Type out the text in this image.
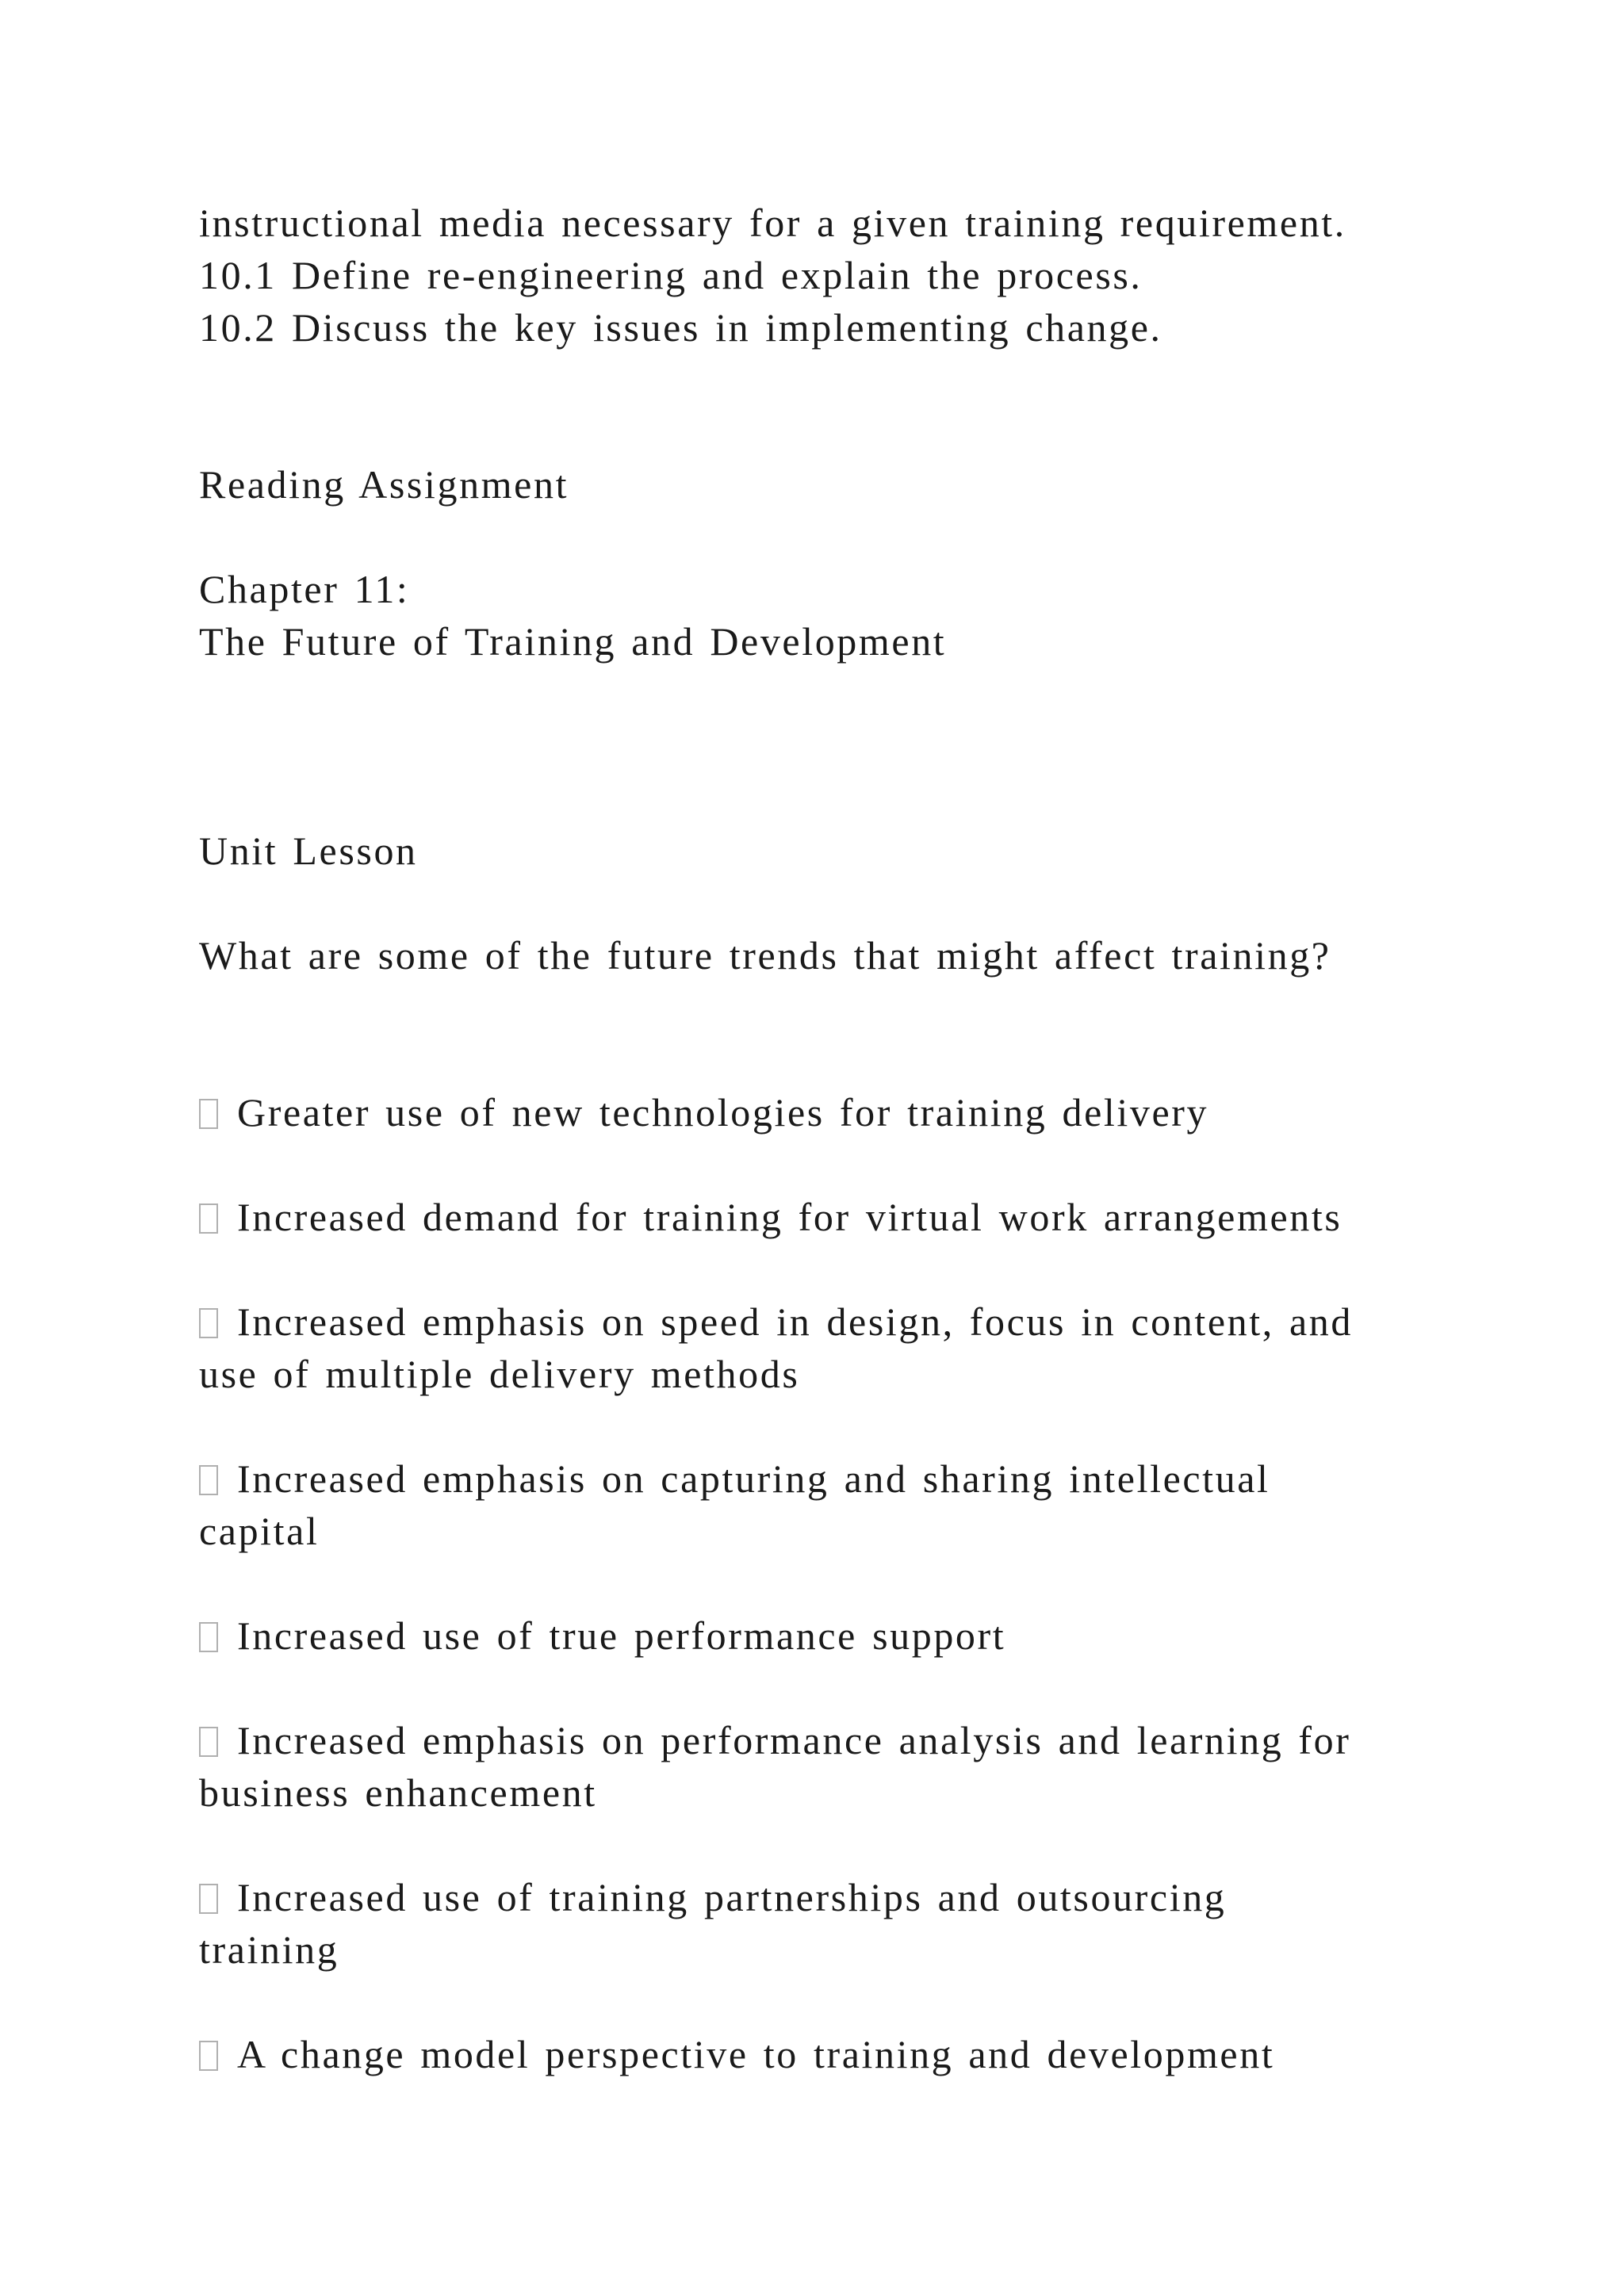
instructional media necessary for a given training requirement.
10.1 Define re-engineering and explain the process.
10.2 Discuss the key issues in implementing change.
Reading Assignment
Chapter 11:
The Future of Training and Development
Unit Lesson
What are some of the future trends that might affect training?
Greater use of new technologies for training delivery
Increased demand for training for virtual work arrangements
Increased emphasis on speed in design, focus in content, and
use of multiple delivery methods
Increased emphasis on capturing and sharing intellectual
capital
Increased use of true performance support
Increased emphasis on performance analysis and learning for
business enhancement
Increased use of training partnerships and outsourcing
training
A change model perspective to training and development
